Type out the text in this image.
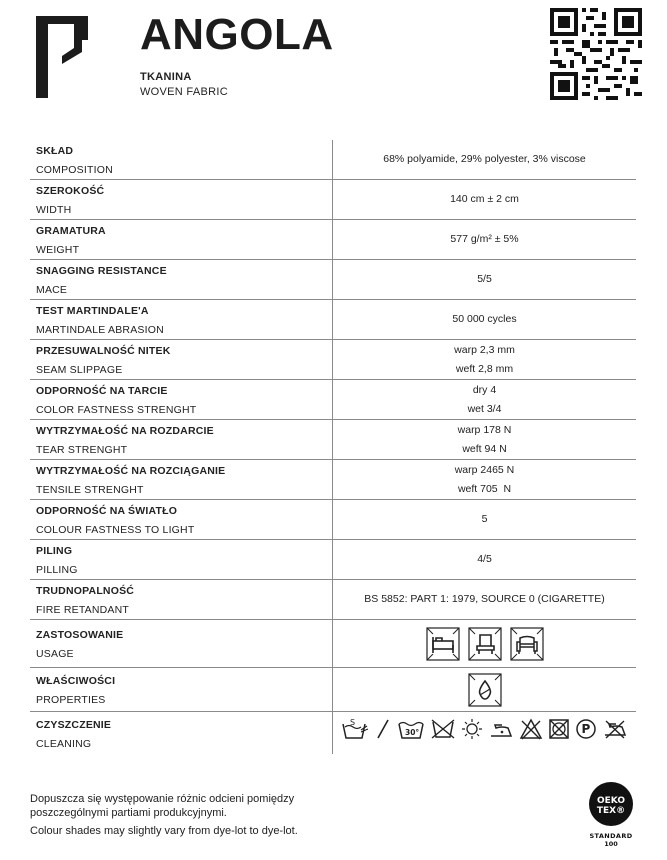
ANGOLA
TKANINA
WOVEN FABRIC
SKŁAD
COMPOSITION
68% polyamide, 29% polyester, 3% viscose
SZEROKOŚĆ
WIDTH
140 cm ± 2 cm
GRAMATURA
WEIGHT
577 g/m² ± 5%
SNAGGING RESISTANCE
MACE
5/5
TEST MARTINDALE'A
MARTINDALE ABRASION
50 000 cycles
PRZESUWALNOŚĆ NITEK
SEAM SLIPPAGE
warp 2,3 mm
weft 2,8 mm
ODPORNOŚĆ NA TARCIE
COLOR FASTNESS STRENGHT
dry 4
wet 3/4
WYTRZYMAŁOŚĆ NA ROZDARCIE
TEAR STRENGHT
warp 178 N
weft 94 N
WYTRZYMAŁOŚĆ NA ROZCIĄGANIE
TENSILE STRENGHT
warp 2465 N
weft 705  N
ODPORNOŚĆ NA ŚWIATŁO
COLOUR FASTNESS TO LIGHT
5
PILING
PILLING
4/5
TRUDNOPALNOŚĆ
FIRE RETANDANT
BS 5852: PART 1: 1979, SOURCE 0 (CIGARETTE)
ZASTOSOWANIE
USAGE
WŁAŚCIWOŚCI
PROPERTIES
CZYSZCZENIE
CLEANING
S
30°	P
Dopuszcza się występowanie różnic odcieni pomiędzy poszczególnymi partiami produkcyjnymi.
Colour shades may slightly vary from dye-lot to dye-lot.
OEKO
TEX®
STANDARD
100
